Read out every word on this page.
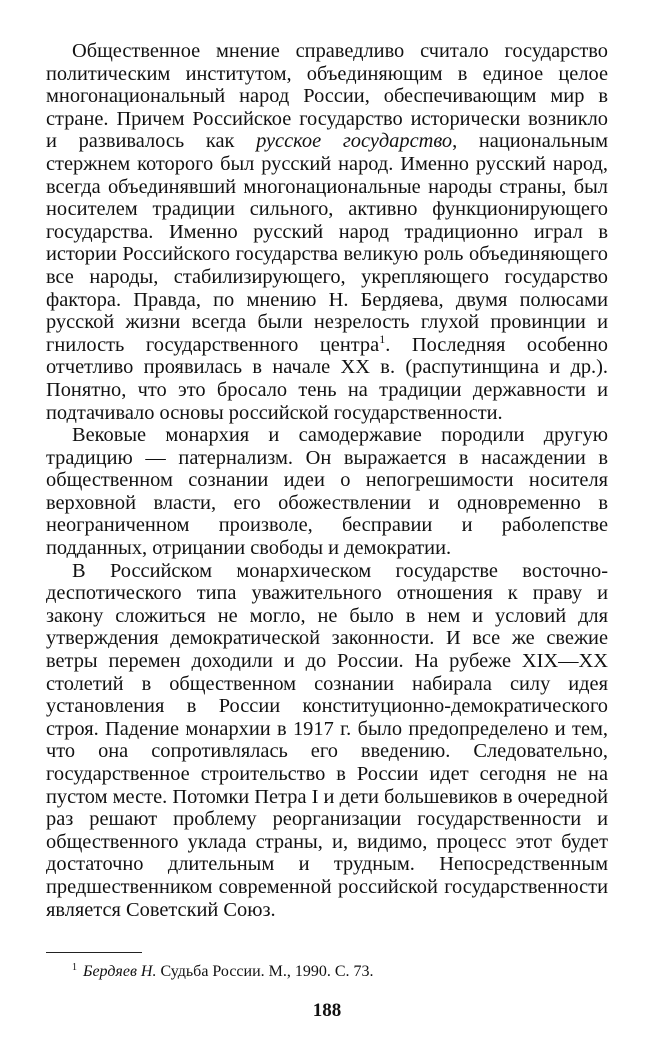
Общественное мнение справедливо считало государство политическим институтом, объединяющим в единое целое многонациональный народ России, обеспечивающим мир в стране. Причем Российское государство исторически возникло и развивалось как русское государство, национальным стержнем которого был русский народ. Именно русский народ, всегда объединявший многонациональные народы страны, был носителем традиции сильного, активно функционирующего государства. Именно русский народ традиционно играл в истории Российского государства великую роль объединяющего все народы, стабилизирующего, укрепляющего государство фактора. Правда, по мнению Н. Бердяева, двумя полюсами русской жизни всегда были незрелость глухой провинции и гнилость государственного центра$^1$. Последняя особенно отчетливо проявилась в начале XX в. (распутинщина и др.). Понятно, что это бросало тень на традиции державности и подтачивало основы российской государственности.

Вековые монархия и самодержавие породили другую традицию — патернализм. Он выражается в насаждении в общественном сознании идеи о непогрешимости носителя верховной власти, его обожествлении и одновременно в неограниченном произволе, бесправии и раболепстве подданных, отрицании свободы и демократии.

В Российском монархическом государстве восточно-деспотического типа уважительного отношения к праву и закону сложиться не могло, не было в нем и условий для утверждения демократической законности. И все же свежие ветры перемен доходили и до России. На рубеже XIX—XX столетий в общественном сознании набирала силу идея установления в России конституционно-демократического строя. Падение монархии в 1917 г. было предопределено и тем, что она сопротивлялась его введению. Следовательно, государственное строительство в России идет сегодня не на пустом месте. Потомки Петра I и дети большевиков в очередной раз решают проблему реорганизации государственности и общественного уклада страны, и, видимо, процесс этот будет достаточно длительным и трудным. Непосредственным предшественником современной российской государственности является Советский Союз.

$^1$ Бердяев Н. Судьба России. М., 1990. С. 73.

188
